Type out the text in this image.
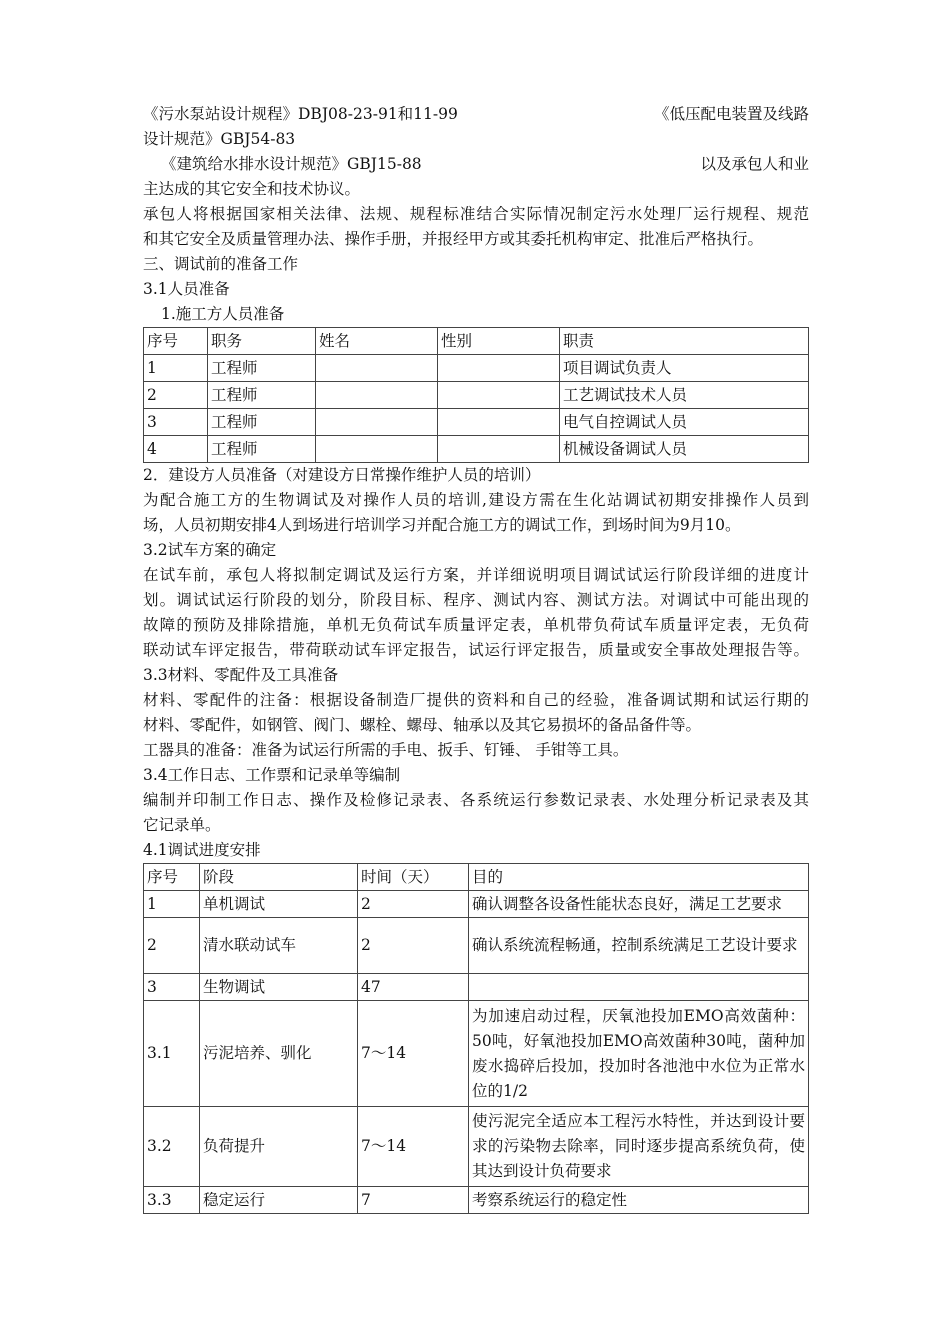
《污水泵站设计规程》DBJ08-23-91和11-99	《低压配电装置及线路
设计规范》GBJ54-83
《建筑给水排水设计规范》GBJ15-88	以及承包人和业
主达成的其它安全和技术协议。
承包人将根据国家相关法律、法规、规程标准结合实际情况制定污水处理厂运行规程、规范
和其它安全及质量管理办法、操作手册，并报经甲方或其委托机构审定、批准后严格执行。
三、调试前的准备工作
3.1人员准备
1.施工方人员准备
序号	职务	姓名	性别	职责
1	工程师			项目调试负责人
2	工程师			工艺调试技术人员
3	工程师			电气自控调试人员
4	工程师			机械设备调试人员
2．建设方人员准备（对建设方日常操作维护人员的培训）
为配合施工方的生物调试及对操作人员的培训,建设方需在生化站调试初期安排操作人员到
场，人员初期安排4人到场进行培训学习并配合施工方的调试工作，到场时间为9月10。
3.2试车方案的确定
在试车前，承包人将拟制定调试及运行方案，并详细说明项目调试试运行阶段详细的进度计
划。调试试运行阶段的划分，阶段目标、程序、测试内容、测试方法。对调试中可能出现的
故障的预防及排除措施，单机无负荷试车质量评定表，单机带负荷试车质量评定表，无负荷
联动试车评定报告，带荷联动试车评定报告，试运行评定报告，质量或安全事故处理报告等。
3.3材料、零配件及工具准备
材料、零配件的注备：根据设备制造厂提供的资料和自己的经验，准备调试期和试运行期的
材料、零配件，如钢管、阀门、螺栓、螺母、轴承以及其它易损坏的备品备件等。
工器具的准备：准备为试运行所需的手电、扳手、钉锤、 手钳等工具。
3.4工作日志、工作票和记录单等编制
编制并印制工作日志、操作及检修记录表、各系统运行参数记录表、水处理分析记录表及其
它记录单。
4.1调试进度安排
序号	阶段	时间（天）	目的
1	单机调试	2	确认调整各设备性能状态良好，满足工艺要求
2	清水联动试车	2	确认系统流程畅通，控制系统满足工艺设计要求
3	生物调试	47	
3.1	污泥培养、驯化	7～14	为加速启动过程，厌氧池投加EMO高效菌种：50吨，好氧池投加EMO高效菌种30吨，菌种加废水捣碎后投加，投加时各池池中水位为正常水位的1/2
3.2	负荷提升	7～14	使污泥完全适应本工程污水特性，并达到设计要求的污染物去除率，同时逐步提高系统负荷，使其达到设计负荷要求
3.3	稳定运行	7	考察系统运行的稳定性
